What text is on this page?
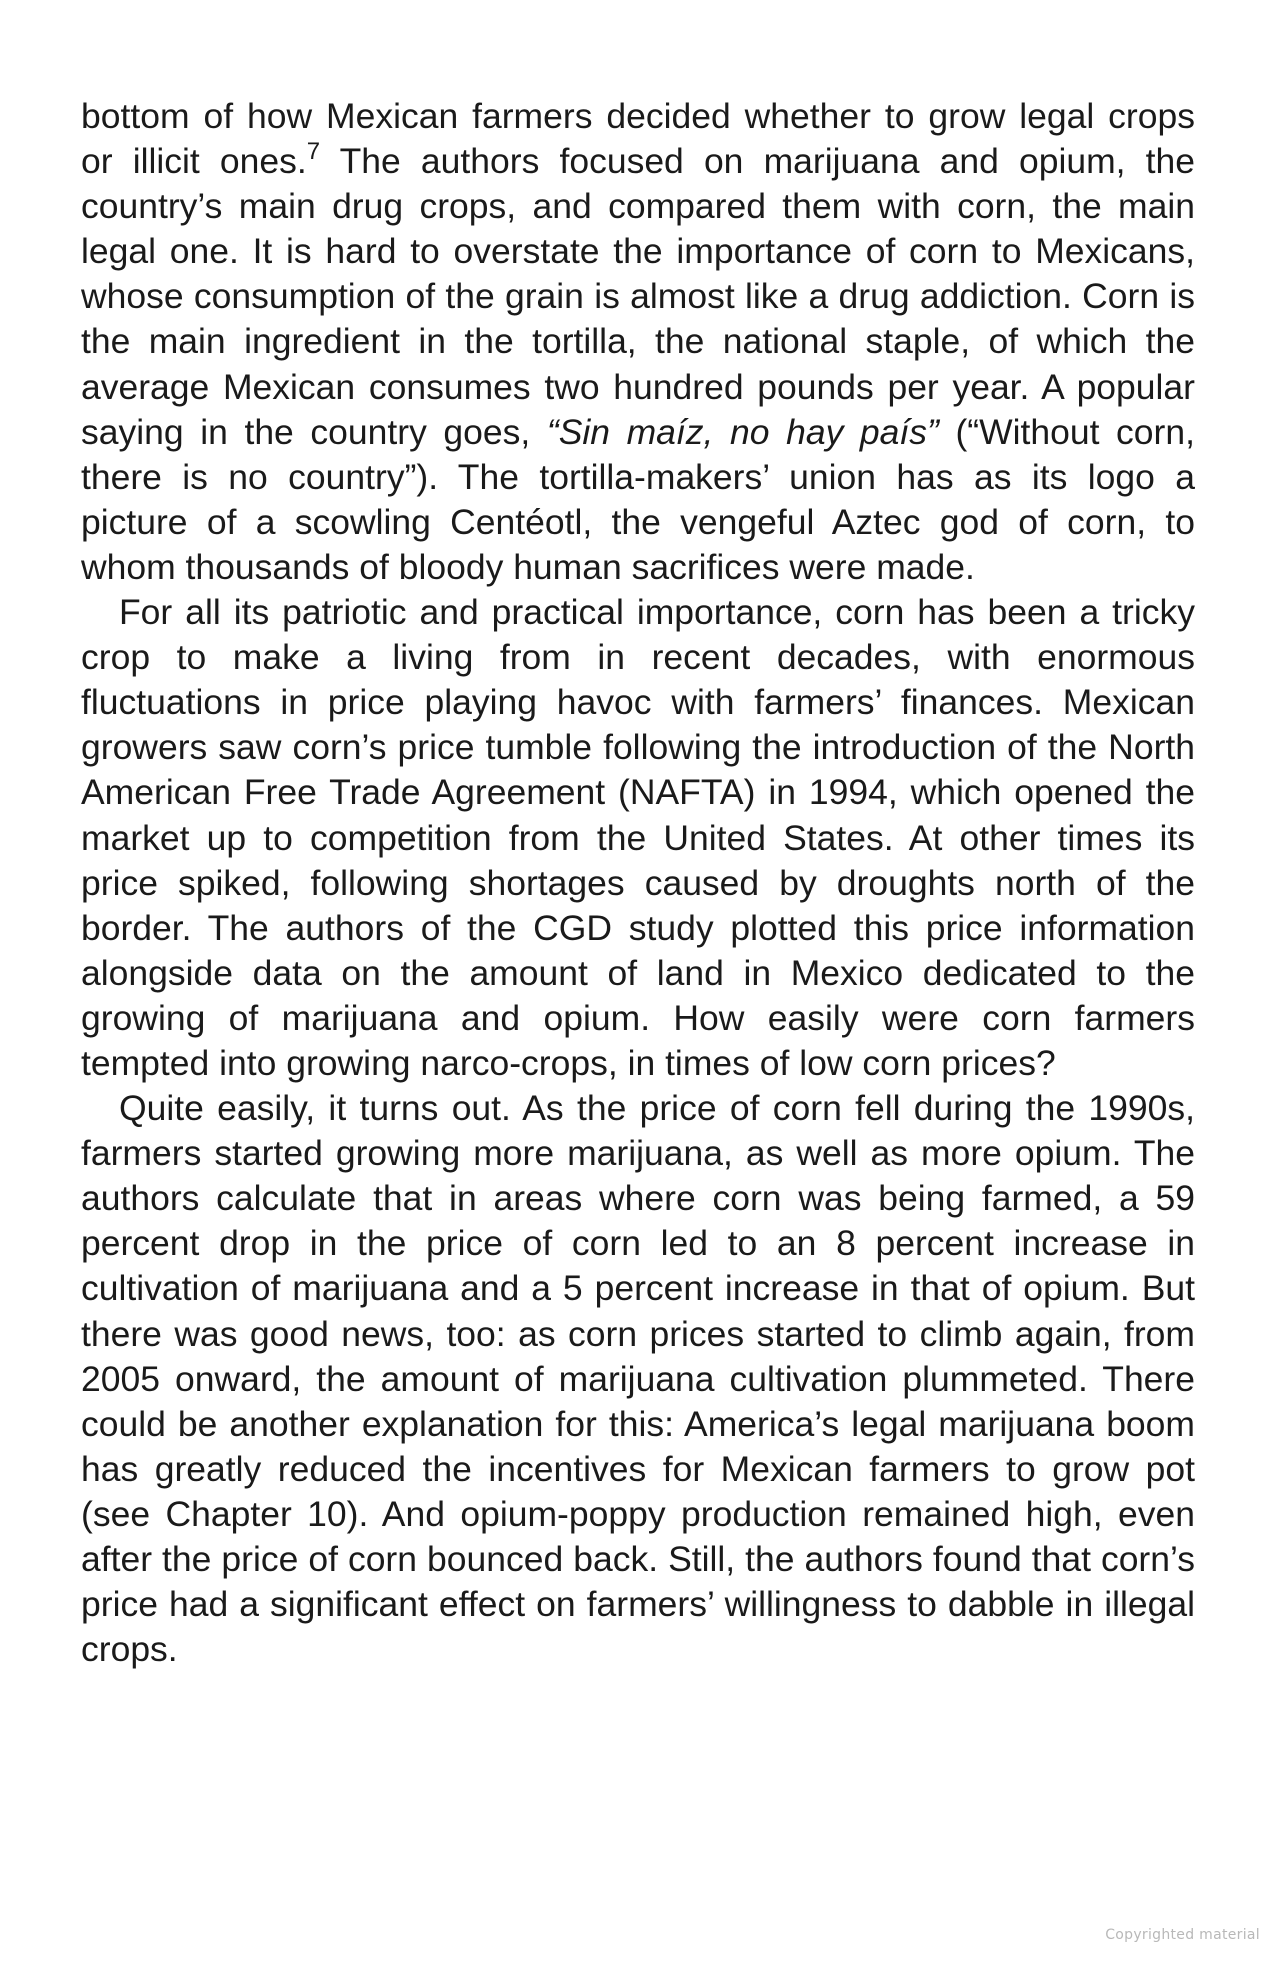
bottom of how Mexican farmers decided whether to grow legal crops or illicit ones.$^7$ The authors focused on marijuana and opium, the country’s main drug crops, and compared them with corn, the main legal one. It is hard to overstate the importance of corn to Mexicans, whose consumption of the grain is almost like a drug addiction. Corn is the main ingredient in the tortilla, the national staple, of which the average Mexican consumes two hundred pounds per year. A popular saying in the country goes, “Sin maíz, no hay país” (“Without corn, there is no country”). The tortilla-makers’ union has as its logo a picture of a scowling Centéotl, the vengeful Aztec god of corn, to whom thousands of bloody human sacrifices were made.

For all its patriotic and practical importance, corn has been a tricky crop to make a living from in recent decades, with enormous fluctuations in price playing havoc with farmers’ finances. Mexican growers saw corn’s price tumble following the introduction of the North American Free Trade Agreement (NAFTA) in 1994, which opened the market up to competition from the United States. At other times its price spiked, following shortages caused by droughts north of the border. The authors of the CGD study plotted this price information alongside data on the amount of land in Mexico dedicated to the growing of marijuana and opium. How easily were corn farmers tempted into growing narco-crops, in times of low corn prices?

Quite easily, it turns out. As the price of corn fell during the 1990s, farmers started growing more marijuana, as well as more opium. The authors calculate that in areas where corn was being farmed, a 59 percent drop in the price of corn led to an 8 percent increase in cultivation of marijuana and a 5 percent increase in that of opium. But there was good news, too: as corn prices started to climb again, from 2005 onward, the amount of marijuana cultivation plummeted. There could be another explanation for this: America’s legal marijuana boom has greatly reduced the incentives for Mexican farmers to grow pot (see Chapter 10). And opium-poppy production remained high, even after the price of corn bounced back. Still, the authors found that corn’s price had a significant effect on farmers’ willingness to dabble in illegal crops.

Copyrighted material
